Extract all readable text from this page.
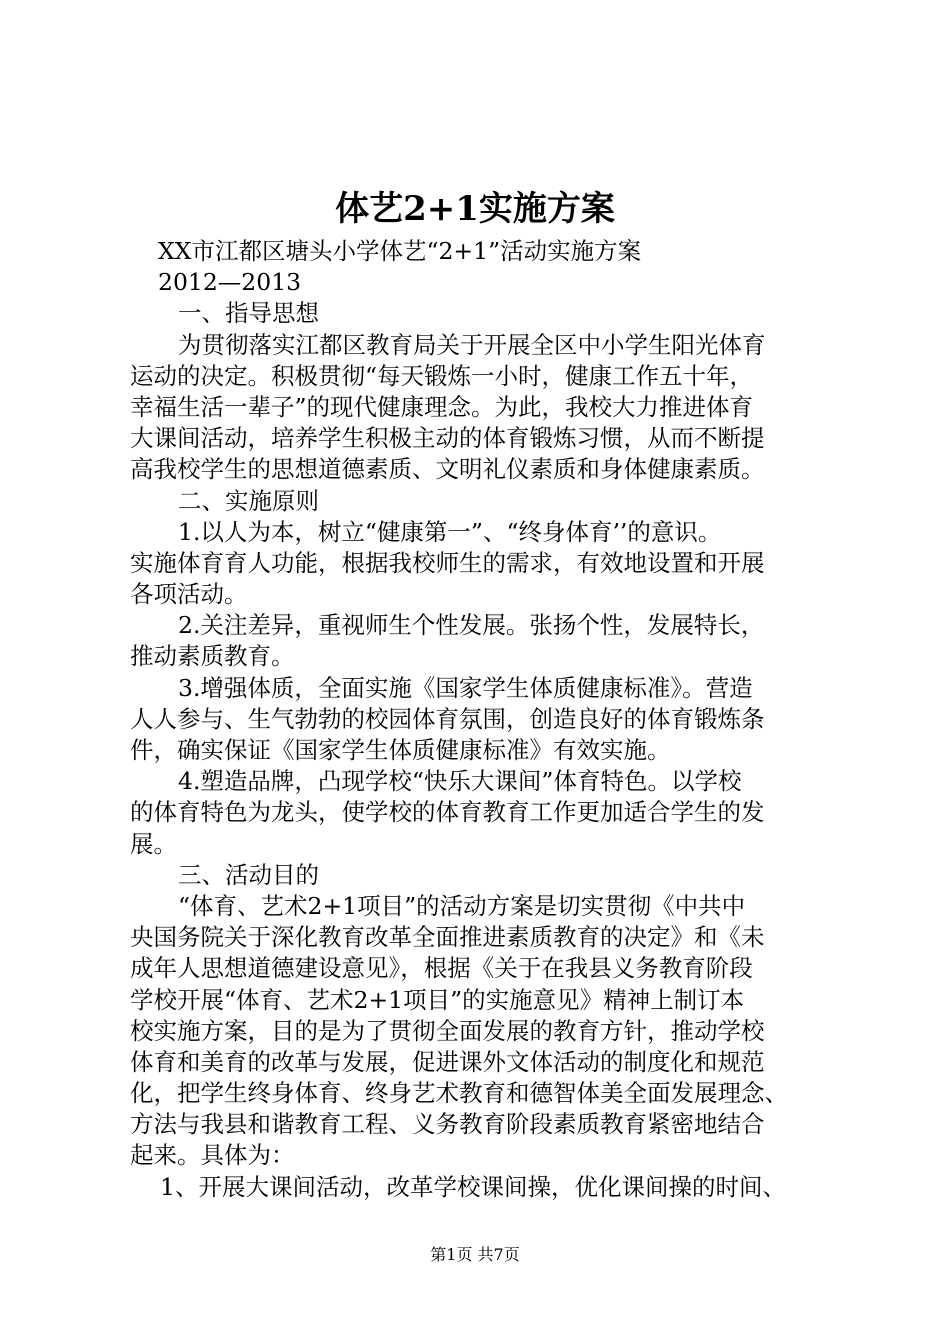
体艺2+1实施方案
XX市江都区塘头小学体艺“2+1”活动实施方案
2012—2013
一、指导思想
为贯彻落实江都区教育局关于开展全区中小学生阳光体育
运动的决定。积极贯彻“每天锻炼一小时，健康工作五十年，
幸福生活一辈子”的现代健康理念。为此，我校大力推进体育
大课间活动，培养学生积极主动的体育锻炼习惯，从而不断提
高我校学生的思想道德素质、文明礼仪素质和身体健康素质。
二、实施原则
1.以人为本，树立“健康第一”、“终身体育’’的意识。
实施体育育人功能，根据我校师生的需求，有效地设置和开展
各项活动。
2.关注差异，重视师生个性发展。张扬个性，发展特长，
推动素质教育。
3.增强体质，全面实施《国家学生体质健康标准》。营造
人人参与、生气勃勃的校园体育氛围，创造良好的体育锻炼条
件，确实保证《国家学生体质健康标准》有效实施。
4.塑造品牌，凸现学校“快乐大课间”体育特色。以学校
的体育特色为龙头，使学校的体育教育工作更加适合学生的发
展。
三、活动目的
“体育、艺术2+1项目”的活动方案是切实贯彻《中共中
央国务院关于深化教育改革全面推进素质教育的决定》和《未
成年人思想道德建设意见》，根据《关于在我县义务教育阶段
学校开展“体育、艺术2+1项目”的实施意见》精神上制订本
校实施方案，目的是为了贯彻全面发展的教育方针，推动学校
体育和美育的改革与发展，促进课外文体活动的制度化和规范
化，把学生终身体育、终身艺术教育和德智体美全面发展理念、
方法与我县和谐教育工程、义务教育阶段素质教育紧密地结合
起来。具体为：
1、开展大课间活动，改革学校课间操，优化课间操的时间、
第1页 共7页
